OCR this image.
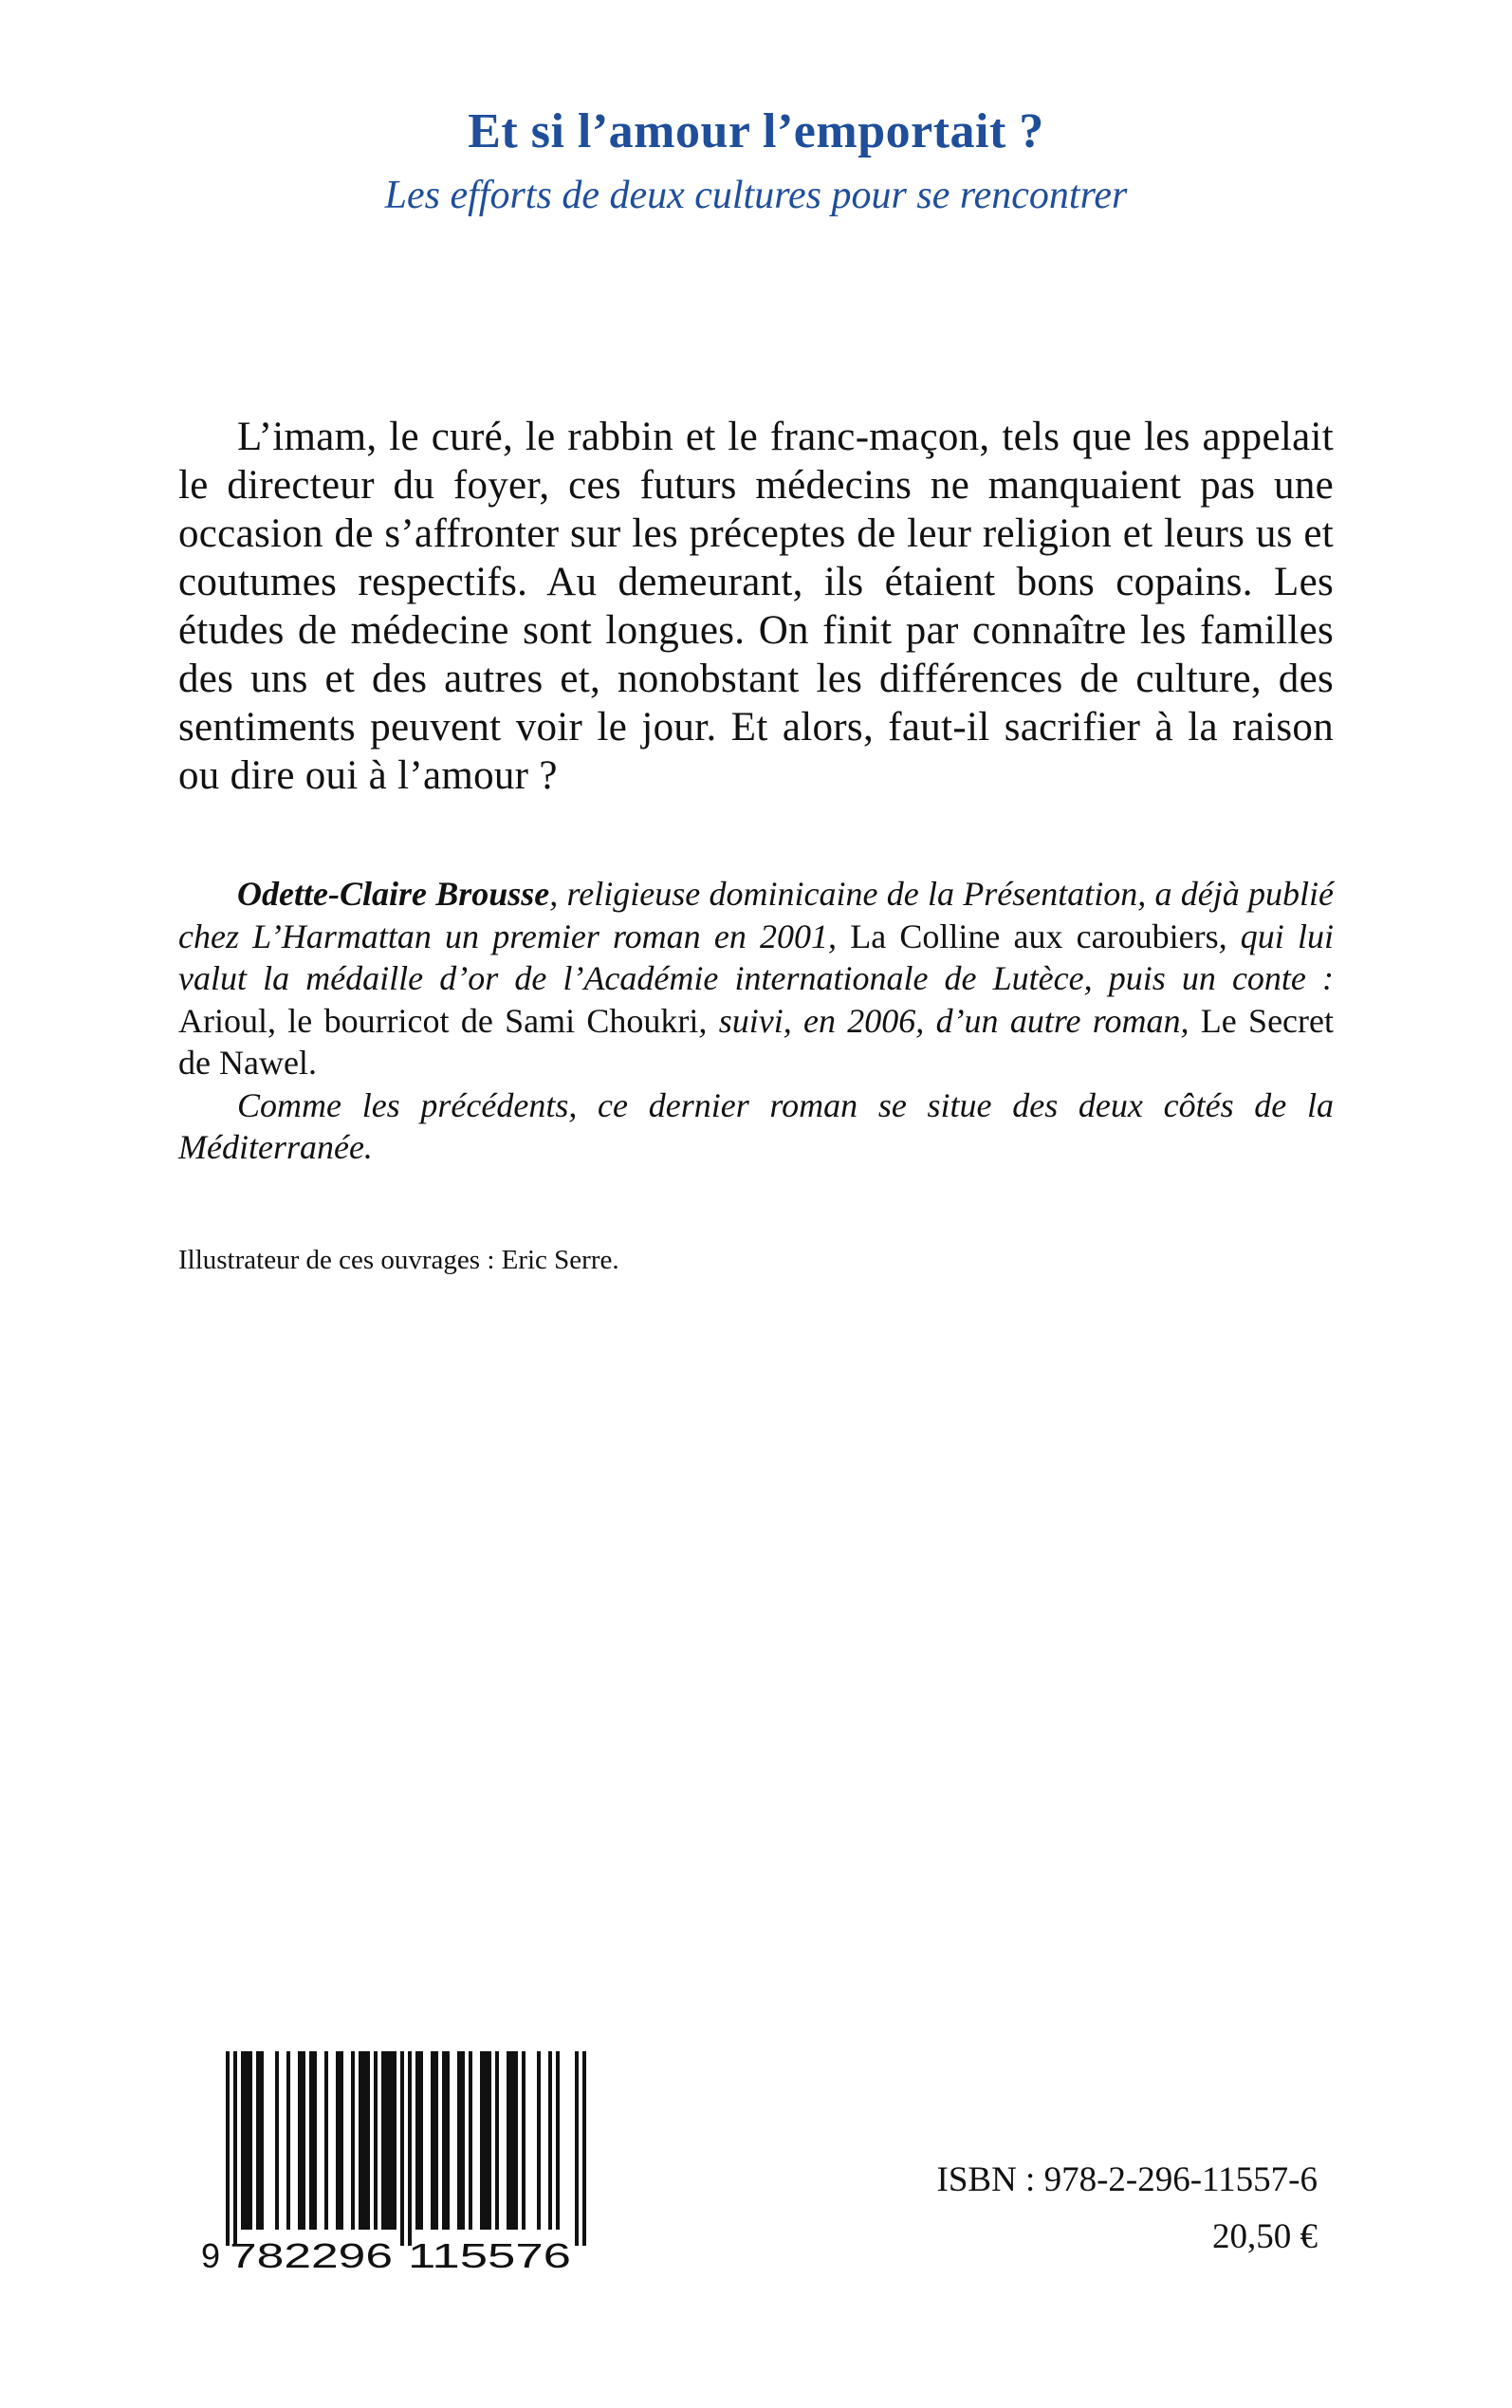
Et si l’amour l’emportait ?
Les efforts de deux cultures pour se rencontrer

L’imam, le curé, le rabbin et le franc-maçon, tels que les appelait le directeur du foyer, ces futurs médecins ne manquaient pas une occasion de s’affronter sur les préceptes de leur religion et leurs us et coutumes respectifs. Au demeurant, ils étaient bons copains. Les études de médecine sont longues. On finit par connaître les familles des uns et des autres et, nonobstant les différences de culture, des sentiments peuvent voir le jour. Et alors, faut-il sacrifier à la raison ou dire oui à l’amour ?

Odette-Claire Brousse, religieuse dominicaine de la Présentation, a déjà publié chez L’Harmattan un premier roman en 2001, La Colline aux caroubiers, qui lui valut la médaille d’or de l’Académie internationale de Lutèce, puis un conte : Arioul, le bourricot de Sami Choukri, suivi, en 2006, d’un autre roman, Le Secret de Nawel.

Comme les précédents, ce dernier roman se situe des deux côtés de la Méditerranée.

Illustrateur de ces ouvrages : Eric Serre.
9 782296 115576
ISBN : 978-2-296-11557-6
20,50 €
